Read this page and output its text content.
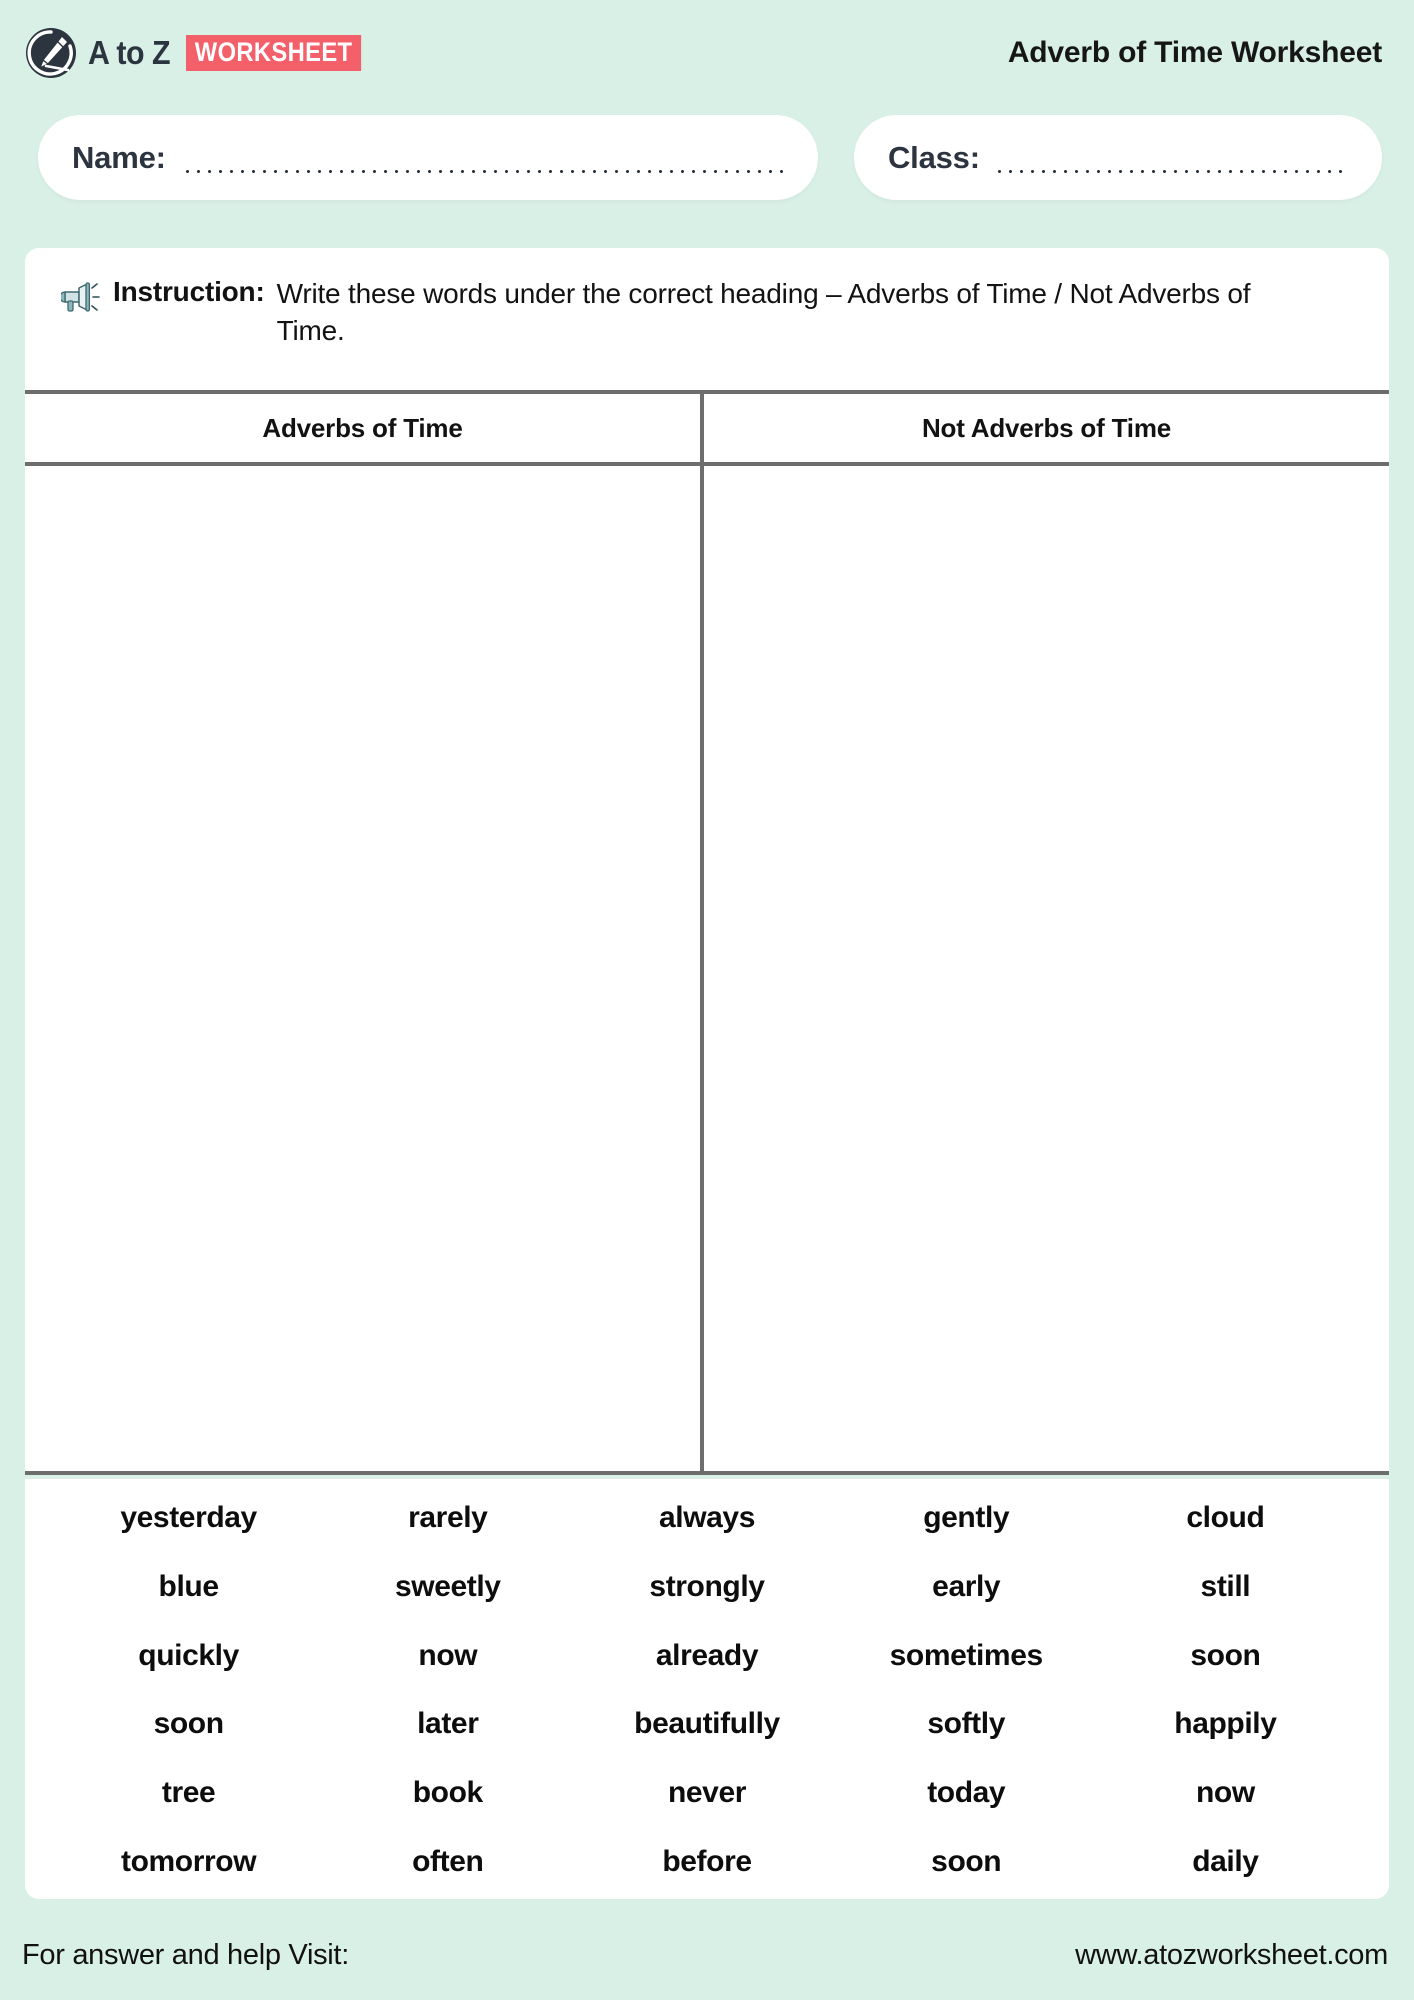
A to Z WORKSHEET	Adverb of Time Worksheet
Name:	Class:
Instruction: Write these words under the correct heading – Adverbs of Time / Not Adverbs of Time.
Adverbs of Time	Not Adverbs of Time
yesterday	rarely	always	gently	cloud
blue	sweetly	strongly	early	still
quickly	now	already	sometimes	soon
soon	later	beautifully	softly	happily
tree	book	never	today	now
tomorrow	often	before	soon	daily
For answer and help Visit:	www.atozworksheet.com
